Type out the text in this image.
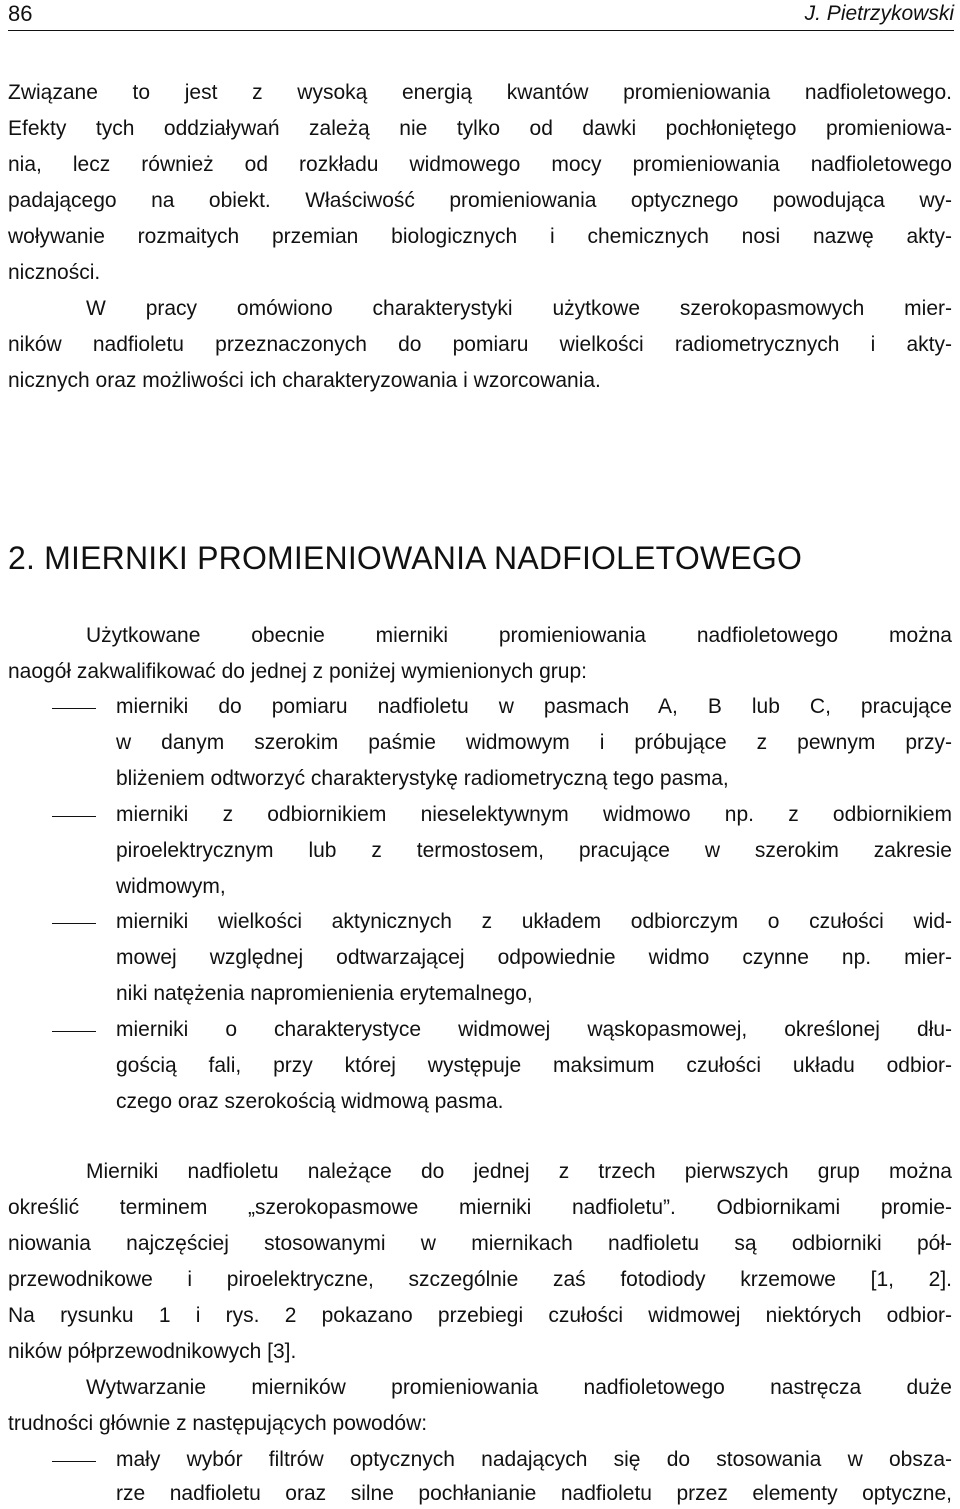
86	J. Pietrzykowski
Związane to jest z wysoką energią kwantów promieniowania nadfioletowego.
Efekty tych oddziaływań zależą nie tylko od dawki pochłoniętego promieniowa-
nia, lecz również od rozkładu widmowego mocy promieniowania nadfioletowego
padającego na obiekt. Właściwość promieniowania optycznego powodująca wy-
woływanie rozmaitych przemian biologicznych i chemicznych nosi nazwę akty-
niczności.
W pracy omówiono charakterystyki użytkowe szerokopasmowych mier-
ników nadfioletu przeznaczonych do pomiaru wielkości radiometrycznych i akty-
nicznych oraz możliwości ich charakteryzowania i wzorcowania.
2. MIERNIKI PROMIENIOWANIA NADFIOLETOWEGO
Użytkowane obecnie mierniki promieniowania nadfioletowego można
naogół zakwalifikować do jednej z poniżej wymienionych grup:
mierniki do pomiaru nadfioletu w pasmach A, B lub C, pracujące
w danym szerokim paśmie widmowym i próbujące z pewnym przy-
bliżeniem odtworzyć charakterystykę radiometryczną tego pasma,
mierniki z odbiornikiem nieselektywnym widmowo np. z odbiornikiem
piroelektrycznym lub z termostosem, pracujące w szerokim zakresie
widmowym,
mierniki wielkości aktynicznych z układem odbiorczym o czułości wid-
mowej względnej odtwarzającej odpowiednie widmo czynne np. mier-
niki natężenia napromienienia erytemalnego,
mierniki o charakterystyce widmowej wąskopasmowej, określonej dłu-
gością fali, przy której występuje maksimum czułości układu odbior-
czego oraz szerokością widmową pasma.
Mierniki nadfioletu należące do jednej z trzech pierwszych grup można
określić terminem „szerokopasmowe mierniki nadfioletu”. Odbiornikami promie-
niowania najczęściej stosowanymi w miernikach nadfioletu są odbiorniki pół-
przewodnikowe i piroelektryczne, szczególnie zaś fotodiody krzemowe [1, 2].
Na rysunku 1 i rys. 2 pokazano przebiegi czułości widmowej niektórych odbior-
ników półprzewodnikowych [3].
Wytwarzanie mierników promieniowania nadfioletowego nastręcza duże
trudności głównie z następujących powodów:
mały wybór filtrów optycznych nadających się do stosowania w obsza-
rze nadfioletu oraz silne pochłanianie nadfioletu przez elementy optyczne,
